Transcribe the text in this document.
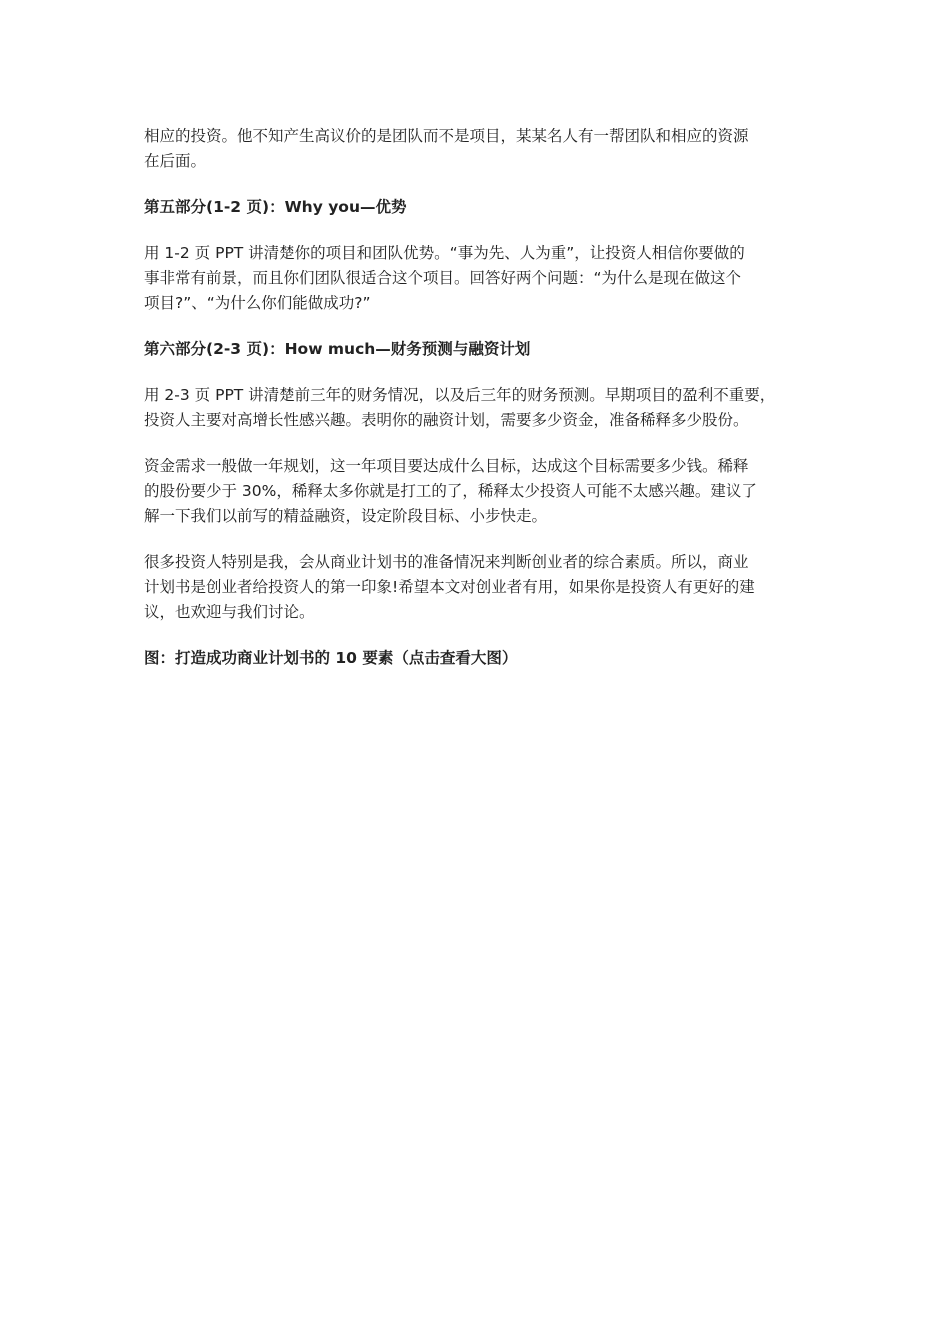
相应的投资。他不知产生高议价的是团队而不是项目，某某名人有一帮团队和相应的资源
在后面。

第五部分(1-2 页)：Why you—优势

用 1-2 页 PPT 讲清楚你的项目和团队优势。“事为先、人为重”，让投资人相信你要做的
事非常有前景，而且你们团队很适合这个项目。回答好两个问题：“为什么是现在做这个
项目?”、“为什么你们能做成功?”

第六部分(2-3 页)：How much—财务预测与融资计划

用 2-3 页 PPT 讲清楚前三年的财务情况，以及后三年的财务预测。早期项目的盈利不重要，
投资人主要对高增长性感兴趣。表明你的融资计划，需要多少资金，准备稀释多少股份。

资金需求一般做一年规划，这一年项目要达成什么目标，达成这个目标需要多少钱。稀释
的股份要少于 30%，稀释太多你就是打工的了，稀释太少投资人可能不太感兴趣。建议了
解一下我们以前写的精益融资，设定阶段目标、小步快走。

很多投资人特别是我，会从商业计划书的准备情况来判断创业者的综合素质。所以，商业
计划书是创业者给投资人的第一印象!希望本文对创业者有用，如果你是投资人有更好的建
议，也欢迎与我们讨论。

图：打造成功商业计划书的 10 要素（点击查看大图）
